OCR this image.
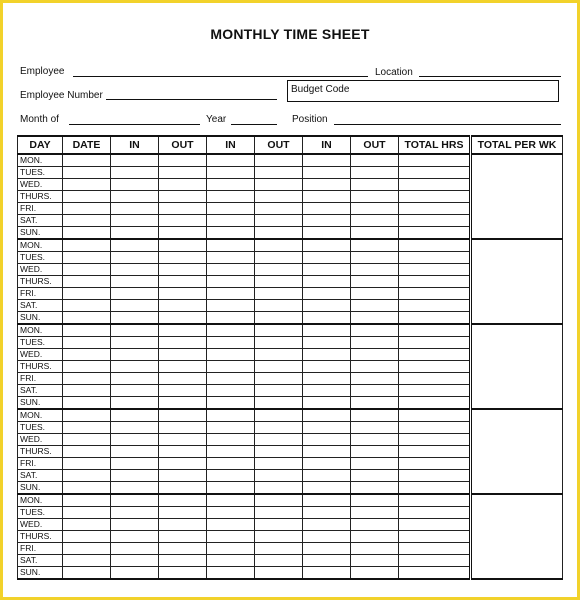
MONTHLY TIME SHEET
Employee	Location
Employee Number
Budget Code
Month of	Year	Position
DAY	DATE	IN	OUT	IN	OUT	IN	OUT	TOTAL HRS	TOTAL PER WK
MON.									
TUES.									
WED.									
THURS.									
FRI.									
SAT.									
SUN.									
MON.									
TUES.									
WED.									
THURS.									
FRI.									
SAT.									
SUN.									
MON.									
TUES.									
WED.									
THURS.									
FRI.									
SAT.									
SUN.									
MON.									
TUES.									
WED.									
THURS.									
FRI.									
SAT.									
SUN.									
MON.									
TUES.									
WED.									
THURS.									
FRI.									
SAT.									
SUN.									
